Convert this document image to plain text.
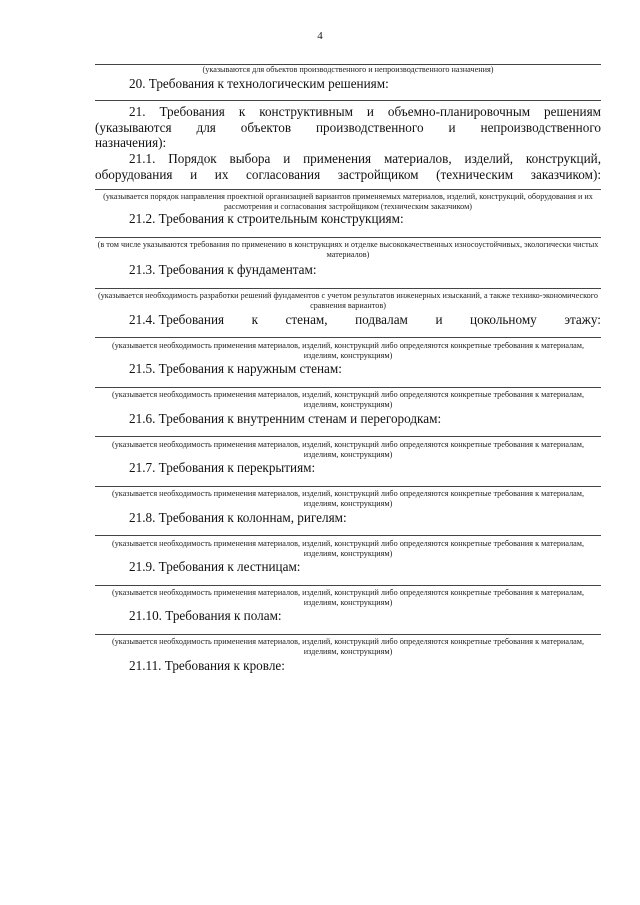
4
(указываются для объектов производственного и непроизводственного назначения)
20. Требования к технологическим решениям:
21. Требования к конструктивным и объемно-планировочным решениям
(указываются для объектов производственного и непроизводственного
назначения):
21.1. Порядок выбора и применения материалов, изделий, конструкций,
оборудования и их согласования застройщиком (техническим заказчиком):
(указывается порядок направления проектной организацией вариантов применяемых материалов, изделий, конструкций, оборудования и их рассмотрения и согласования застройщиком (техническим заказчиком)
21.2. Требования к строительным конструкциям:
(в том числе указываются требования по применению в конструкциях и отделке высококачественных износоустойчивых, экологически чистых материалов)
21.3. Требования к фундаментам:
(указывается необходимость разработки решений фундаментов с учетом результатов инженерных изысканий, а также технико-экономического сравнения вариантов)
21.4. Требования к стенам, подвалам и цокольному этажу:
(указывается необходимость применения материалов, изделий, конструкций либо определяются конкретные требования к материалам, изделиям, конструкциям)
21.5. Требования к наружным стенам:
(указывается необходимость применения материалов, изделий, конструкций либо определяются конкретные требования к материалам, изделиям, конструкциям)
21.6. Требования к внутренним стенам и перегородкам:
(указывается необходимость применения материалов, изделий, конструкций либо определяются конкретные требования к материалам, изделиям, конструкциям)
21.7. Требования к перекрытиям:
(указывается необходимость применения материалов, изделий, конструкций либо определяются конкретные требования к материалам, изделиям, конструкциям)
21.8. Требования к колоннам, ригелям:
(указывается необходимость применения материалов, изделий, конструкций либо определяются конкретные требования к материалам, изделиям, конструкциям)
21.9. Требования к лестницам:
(указывается необходимость применения материалов, изделий, конструкций либо определяются конкретные требования к материалам, изделиям, конструкциям)
21.10. Требования к полам:
(указывается необходимость применения материалов, изделий, конструкций либо определяются конкретные требования к материалам, изделиям, конструкциям)
21.11. Требования к кровле:
